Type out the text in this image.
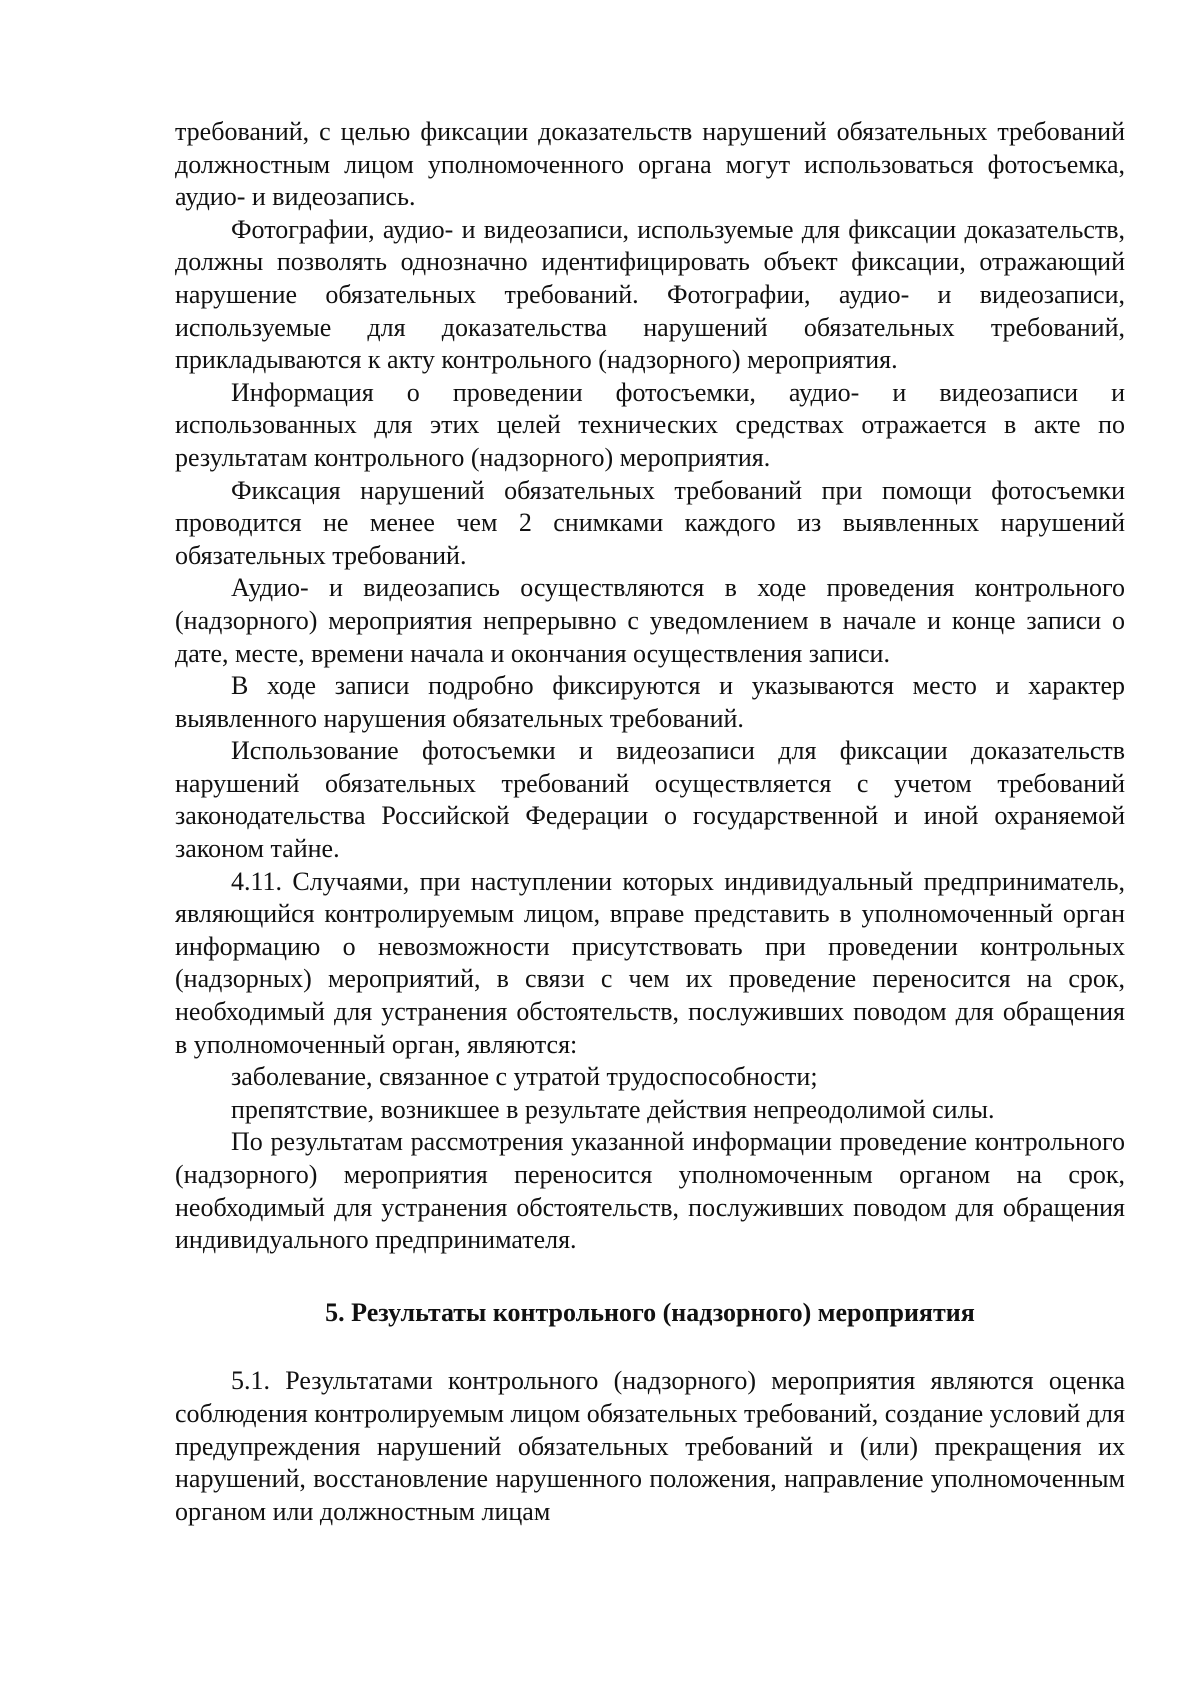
требований, с целью фиксации доказательств нарушений обязательных требований должностным лицом уполномоченного органа могут использоваться фотосъемка, аудио- и видеозапись.

Фотографии, аудио- и видеозаписи, используемые для фиксации доказательств, должны позволять однозначно идентифицировать объект фиксации, отражающий нарушение обязательных требований. Фотографии, аудио- и видеозаписи, используемые для доказательства нарушений обязательных требований, прикладываются к акту контрольного (надзорного) мероприятия.

Информация о проведении фотосъемки, аудио- и видеозаписи и использованных для этих целей технических средствах отражается в акте по результатам контрольного (надзорного) мероприятия.

Фиксация нарушений обязательных требований при помощи фотосъемки проводится не менее чем 2 снимками каждого из выявленных нарушений обязательных требований.

Аудио- и видеозапись осуществляются в ходе проведения контрольного (надзорного) мероприятия непрерывно с уведомлением в начале и конце записи о дате, месте, времени начала и окончания осуществления записи.

В ходе записи подробно фиксируются и указываются место и характер выявленного нарушения обязательных требований.

Использование фотосъемки и видеозаписи для фиксации доказательств нарушений обязательных требований осуществляется с учетом требований законодательства Российской Федерации о государственной и иной охраняемой законом тайне.

4.11. Случаями, при наступлении которых индивидуальный предприниматель, являющийся контролируемым лицом, вправе представить в уполномоченный орган информацию о невозможности присутствовать при проведении контрольных (надзорных) мероприятий, в связи с чем их проведение переносится на срок, необходимый для устранения обстоятельств, послуживших поводом для обращения в уполномоченный орган, являются:

заболевание, связанное с утратой трудоспособности;

препятствие, возникшее в результате действия непреодолимой силы.

По результатам рассмотрения указанной информации проведение контрольного (надзорного) мероприятия переносится уполномоченным органом на срок, необходимый для устранения обстоятельств, послуживших поводом для обращения индивидуального предпринимателя.

5. Результаты контрольного (надзорного) мероприятия

5.1. Результатами контрольного (надзорного) мероприятия являются оценка соблюдения контролируемым лицом обязательных требований, создание условий для предупреждения нарушений обязательных требований и (или) прекращения их нарушений, восстановление нарушенного положения, направление уполномоченным органом или должностным лицам
